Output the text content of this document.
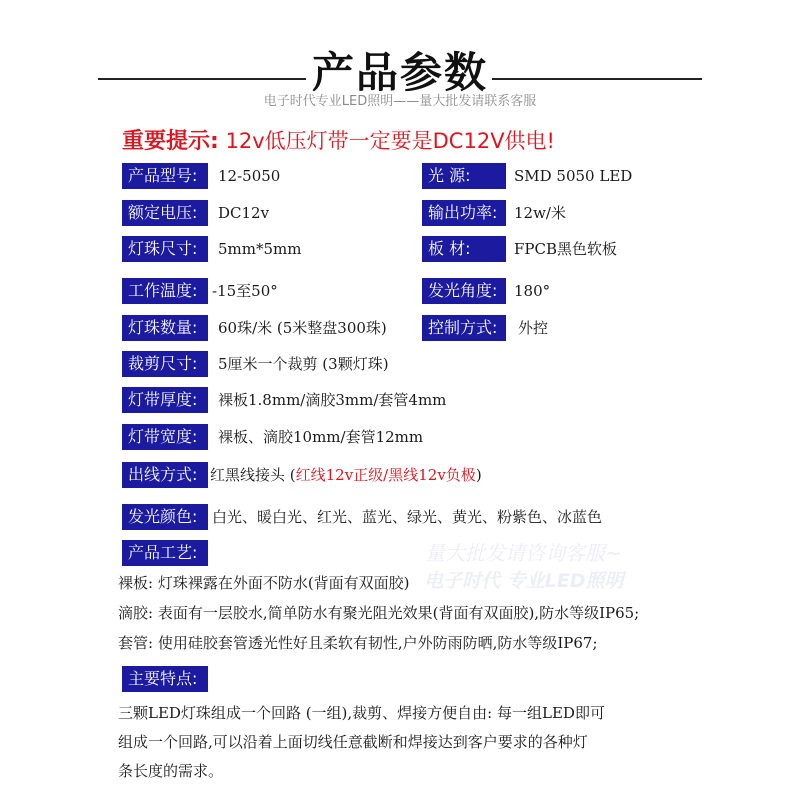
产品参数
电子时代专业LED照明——量大批发请联系客服
重要提示: 12v低压灯带一定要是DC12V供电!
产品型号:	12-5050	光 源:	SMD 5050 LED
额定电压:	DC12v	输出功率:	12w/米
灯珠尺寸:	5mm*5mm	板 材:	FPCB黑色软板
工作温度: -15至50°	发光角度:	180°
灯珠数量:	60珠/米 (5米整盘300珠)	控制方式:	外控
裁剪尺寸:	5厘米一个裁剪 (3颗灯珠)
灯带厚度:	裸板1.8mm/滴胶3mm/套管4mm
灯带宽度:	裸板、滴胶10mm/套管12mm
出线方式: 红黑线接头 (红线12v正级/黑线12v负极)
发光颜色: 白光、暖白光、红光、蓝光、绿光、黄光、粉紫色、冰蓝色
量大批发请咨询客服~
电子时代 专业LED照明
产品工艺:
裸板: 灯珠裸露在外面不防水(背面有双面胶)
滴胶: 表面有一层胶水,简单防水有聚光阻光效果(背面有双面胶),防水等级IP65;
套管: 使用硅胶套管透光性好且柔软有韧性,户外防雨防晒,防水等级IP67;
主要特点:
三颗LED灯珠组成一个回路 (一组),裁剪、焊接方便自由: 每一组LED即可
组成一个回路,可以沿着上面切线任意截断和焊接达到客户要求的各种灯
条长度的需求。
